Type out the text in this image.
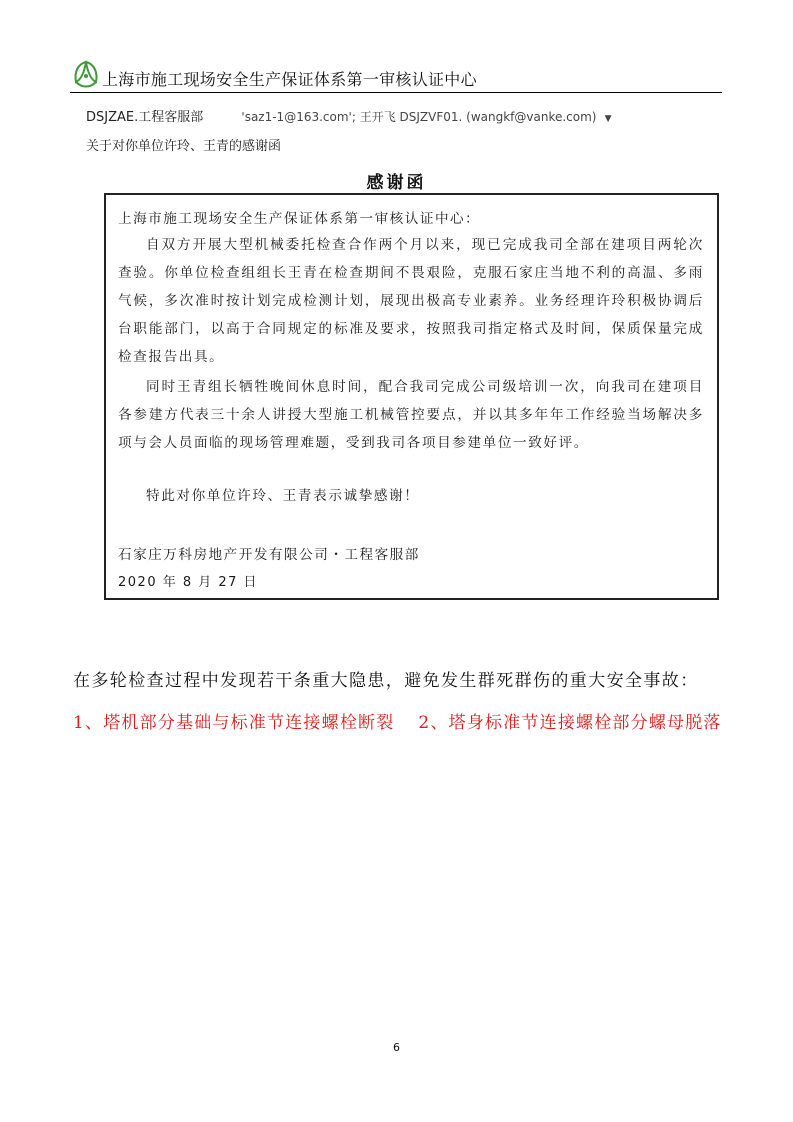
上海市施工现场安全生产保证体系第一审核认证中心
DSJZAE.工程客服部	'saz1-1@163.com'; 王开飞 DSJZVF01. (wangkf@vanke.com) ▼
关于对你单位许玲、王青的感谢函
感谢函
上海市施工现场安全生产保证体系第一审核认证中心：
自双方开展大型机械委托检查合作两个月以来，现已完成我司全部在建项目两轮次查验。你单位检查组组长王青在检查期间不畏艰险，克服石家庄当地不利的高温、多雨气候，多次准时按计划完成检测计划，展现出极高专业素养。业务经理许玲积极协调后台职能部门，以高于合同规定的标准及要求，按照我司指定格式及时间，保质保量完成检查报告出具。
同时王青组长牺牲晚间休息时间，配合我司完成公司级培训一次，向我司在建项目各参建方代表三十余人讲授大型施工机械管控要点，并以其多年年工作经验当场解决多项与会人员面临的现场管理难题，受到我司各项目参建单位一致好评。
特此对你单位许玲、王青表示诚挚感谢！
石家庄万科房地产开发有限公司・工程客服部
2020 年 8 月 27 日
在多轮检查过程中发现若干条重大隐患，避免发生群死群伤的重大安全事故：
1、塔机部分基础与标准节连接螺栓断裂 2、塔身标准节连接螺栓部分螺母脱落
6
